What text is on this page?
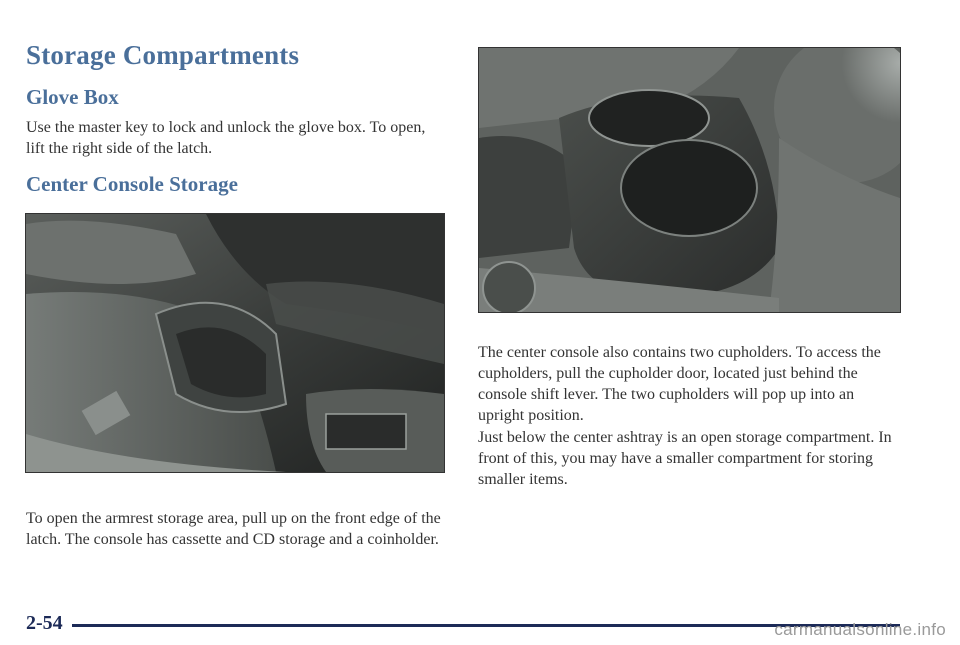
Storage Compartments
Glove Box
Use the master key to lock and unlock the glove box. To open, lift the right side of the latch.
Center Console Storage
To open the armrest storage area, pull up on the front edge of the latch. The console has cassette and CD storage and a coinholder.
The center console also contains two cupholders. To access the cupholders, pull the cupholder door, located just behind the console shift lever. The two cupholders will pop up into an upright position.
Just below the center ashtray is an open storage compartment. In front of this, you may have a smaller compartment for storing smaller items.
2-54	carmanualsonline.info
